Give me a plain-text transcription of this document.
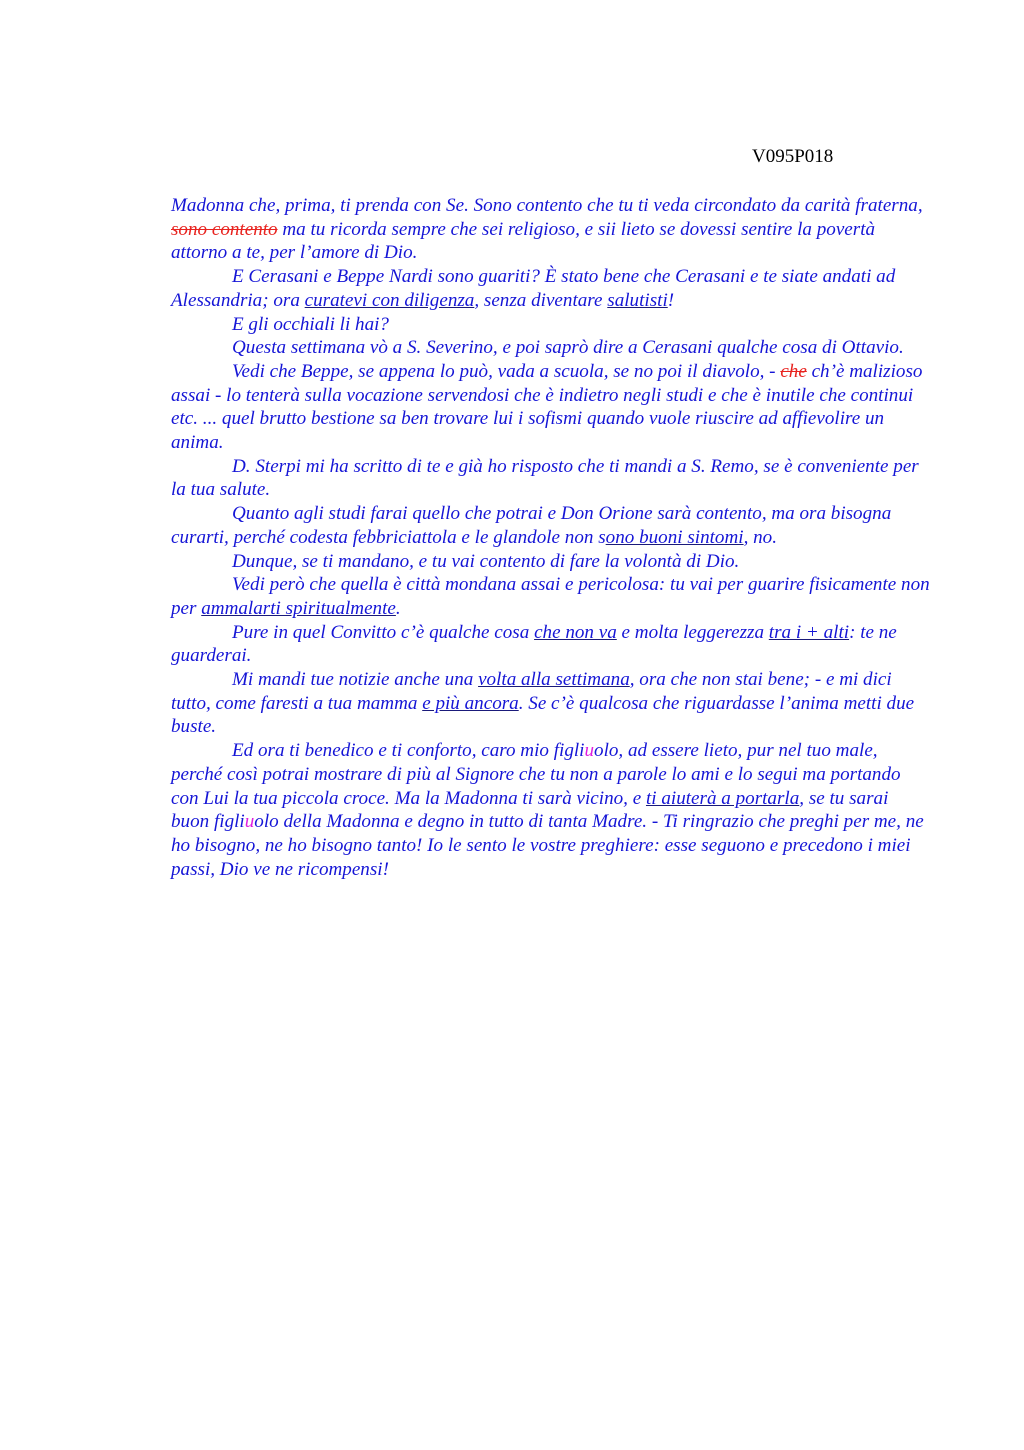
V095P018

Madonna che, prima, ti prenda con Se. Sono contento che tu ti veda circondato da carità fraterna, sono contento ma tu ricorda sempre che sei religioso, e sii lieto se dovessi sentire la povertà attorno a te, per l’amore di Dio.

E Cerasani e Beppe Nardi sono guariti? È stato bene che Cerasani e te siate andati ad Alessandria; ora curatevi con diligenza, senza diventare salutisti!

E gli occhiali li hai?

Questa settimana vò a S. Severino, e poi saprò dire a Cerasani qualche cosa di Ottavio.

Vedi che Beppe, se appena lo può, vada a scuola, se no poi il diavolo, - che ch’è malizioso assai - lo tenterà sulla vocazione servendosi che è indietro negli studi e che è inutile che continui etc. ... quel brutto bestione sa ben trovare lui i sofismi quando vuole riuscire ad affievolire un anima.

D. Sterpi mi ha scritto di te e già ho risposto che ti mandi a S. Remo, se è conveniente per la tua salute.

Quanto agli studi farai quello che potrai e Don Orione sarà contento, ma ora bisogna curarti, perché codesta febbriciattola e le glandole non sono buoni sintomi, no.

Dunque, se ti mandano, e tu vai contento di fare la volontà di Dio.

Vedi però che quella è città mondana assai e pericolosa: tu vai per guarire fisicamente non per ammalarti spiritualmente.

Pure in quel Convitto c’è qualche cosa che non va e molta leggerezza tra i + alti: te ne guarderai.

Mi mandi tue notizie anche una volta alla settimana, ora che non stai bene; - e mi dici tutto, come faresti a tua mamma e più ancora. Se c’è qualcosa che riguardasse l’anima metti due buste.

Ed ora ti benedico e ti conforto, caro mio figliuolo, ad essere lieto, pur nel tuo male, perché così potrai mostrare di più al Signore che tu non a parole lo ami e lo segui ma portando con Lui la tua piccola croce. Ma la Madonna ti sarà vicino, e ti aiuterà a portarla, se tu sarai buon figliuolo della Madonna e degno in tutto di tanta Madre. - Ti ringrazio che preghi per me, ne ho bisogno, ne ho bisogno tanto! Io le sento le vostre preghiere: esse seguono e precedono i miei passi, Dio ve ne ricompensi!
